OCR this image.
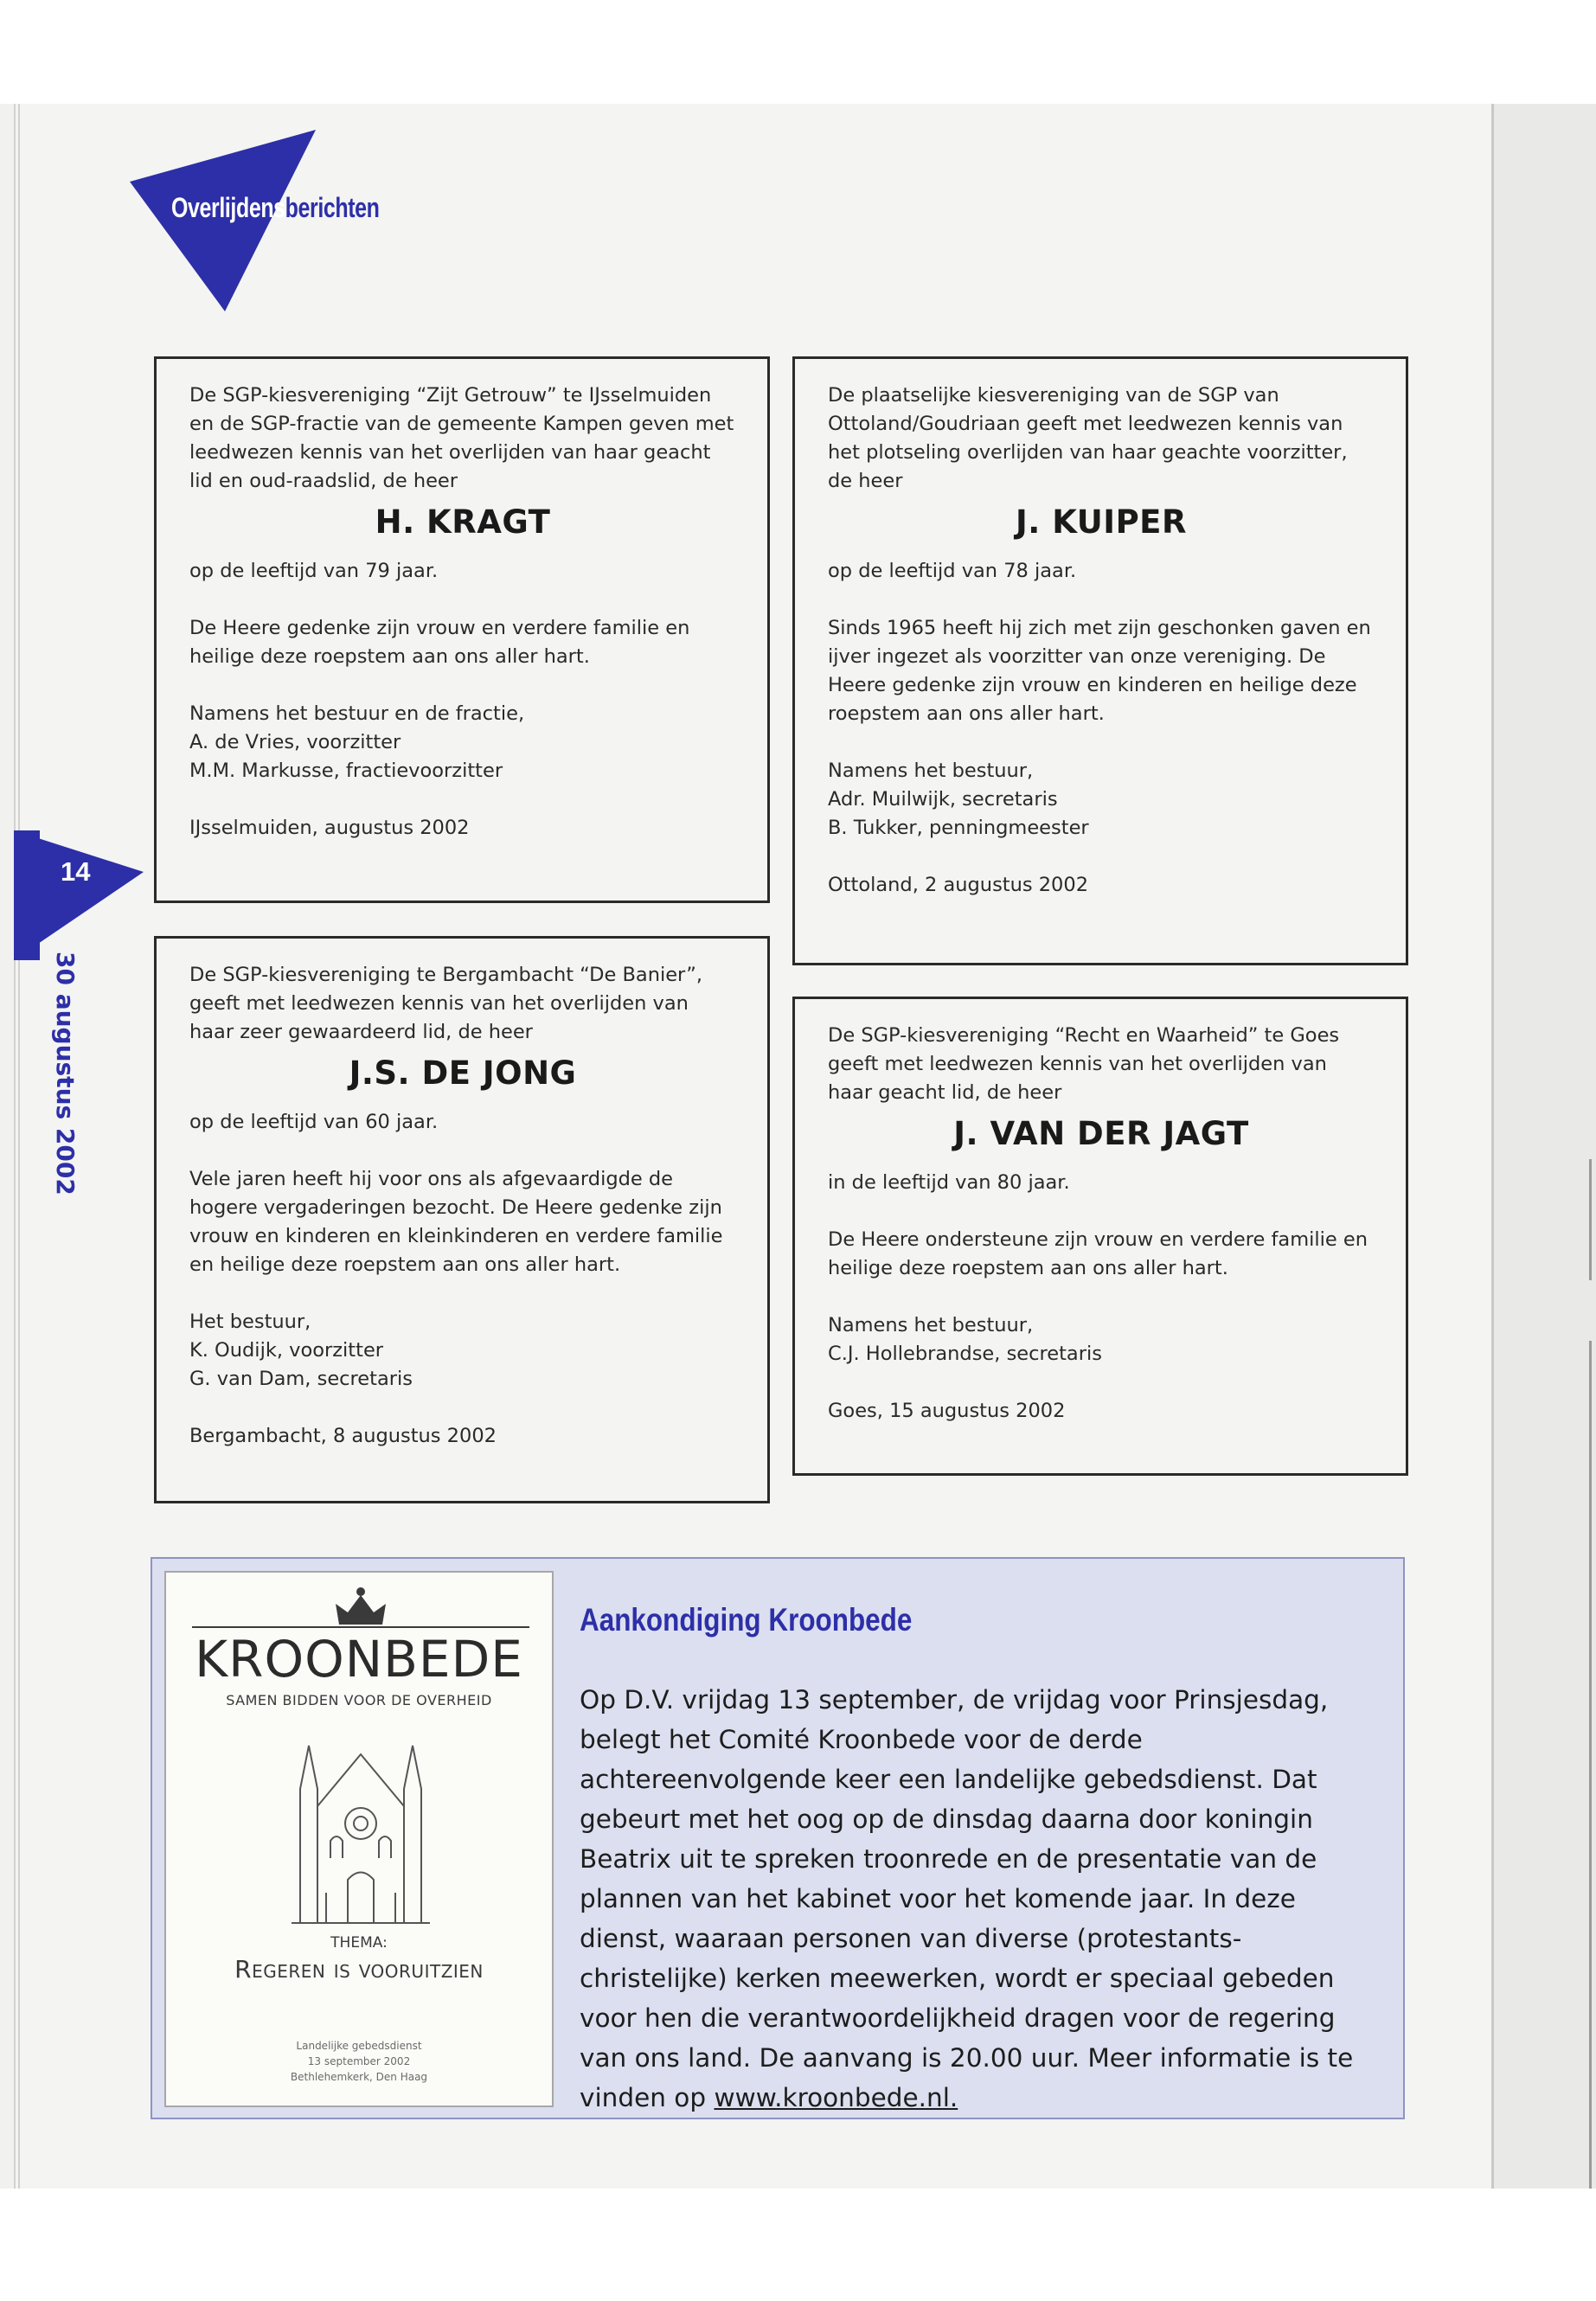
Overlijdensberichten
14
30 augustus 2002

De SGP-kiesvereniging “Zijt Getrouw” te IJsselmuiden en de SGP-fractie van de gemeente Kampen geven met leedwezen kennis van het overlijden van haar geacht lid en oud-raadslid, de heer

H. KRAGT

op de leeftijd van 79 jaar.

De Heere gedenke zijn vrouw en verdere familie en heilige deze roepstem aan ons aller hart.

Namens het bestuur en de fractie,
A. de Vries, voorzitter
M.M. Markusse, fractievoorzitter

IJsselmuiden, augustus 2002

De plaatselijke kiesvereniging van de SGP van Ottoland/Goudriaan geeft met leedwezen kennis van het plotseling overlijden van haar geachte voorzitter, de heer

J. KUIPER

op de leeftijd van 78 jaar.

Sinds 1965 heeft hij zich met zijn geschonken gaven en ijver ingezet als voorzitter van onze vereniging. De Heere gedenke zijn vrouw en kinderen en heilige deze roepstem aan ons aller hart.

Namens het bestuur,
Adr. Muilwijk, secretaris
B. Tukker, penningmeester

Ottoland, 2 augustus 2002

De SGP-kiesvereniging te Bergambacht “De Banier”, geeft met leedwezen kennis van het overlijden van haar zeer gewaardeerd lid, de heer

J.S. DE JONG

op de leeftijd van 60 jaar.

Vele jaren heeft hij voor ons als afgevaardigde de hogere vergaderingen bezocht. De Heere gedenke zijn vrouw en kinderen en kleinkinderen en verdere familie en heilige deze roepstem aan ons aller hart.

Het bestuur,
K. Oudijk, voorzitter
G. van Dam, secretaris

Bergambacht, 8 augustus 2002

De SGP-kiesvereniging “Recht en Waarheid” te Goes geeft met leedwezen kennis van het overlijden van haar geacht lid, de heer

J. VAN DER JAGT

in de leeftijd van 80 jaar.

De Heere ondersteune zijn vrouw en verdere familie en heilige deze roepstem aan ons aller hart.

Namens het bestuur,
C.J. Hollebrandse, secretaris

Goes, 15 augustus 2002

KROONBEDE
SAMEN BIDDEN VOOR DE OVERHEID
THEMA:
Regeren is vooruitzien
Landelijke gebedsdienst
13 september 2002
Bethlehemkerk, Den Haag
Aankondiging Kroonbede
Op D.V. vrijdag 13 september, de vrijdag voor Prinsjesdag, belegt het Comité Kroonbede voor de derde achtereenvolgende keer een landelijke gebedsdienst. Dat gebeurt met het oog op de dinsdag daarna door koningin Beatrix uit te spreken troonrede en de presentatie van de plannen van het kabinet voor het komende jaar. In deze dienst, waaraan personen van diverse (protestants-christelijke) kerken meewerken, wordt er speciaal gebeden voor hen die verantwoordelijkheid dragen voor de regering van ons land. De aanvang is 20.00 uur. Meer informatie is te vinden op www.kroonbede.nl.
